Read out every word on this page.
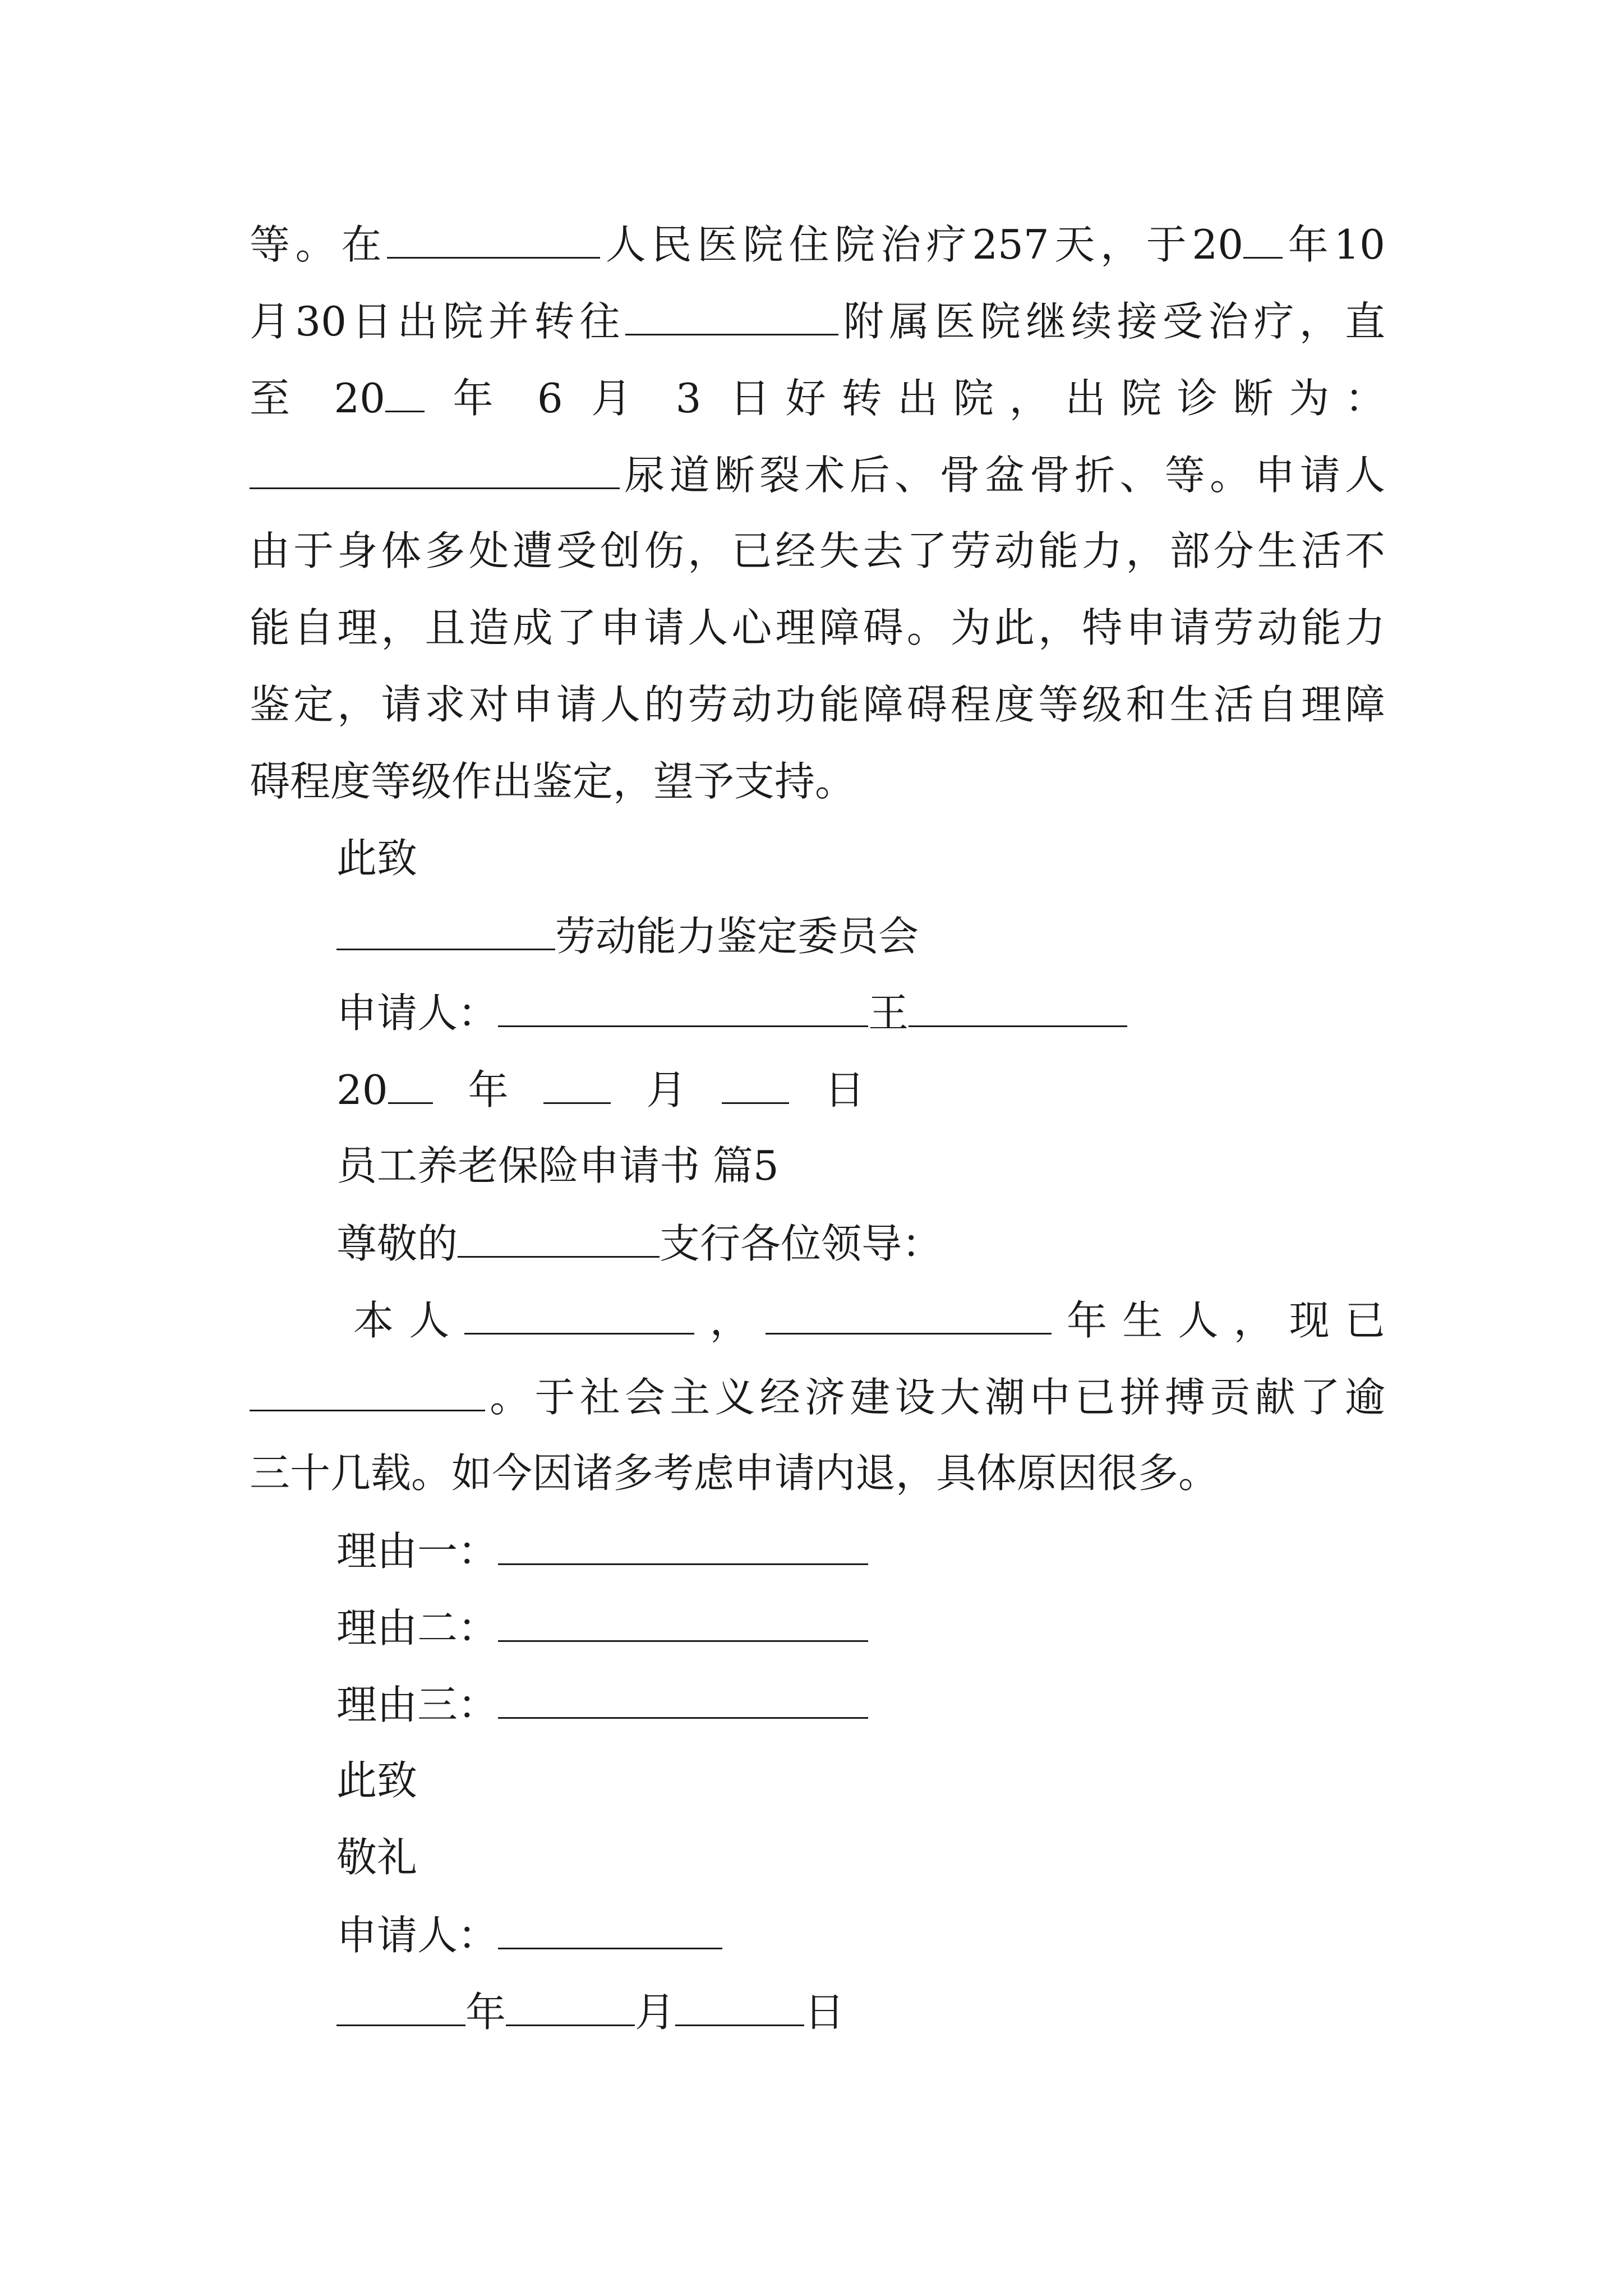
等。在	人民医院住院治疗257天，于20 年10
月30日出院并转往	附属医院继续接受治疗，直
至 20 年 6 月 3 日好转出院，出院诊断为：
尿道断裂术后、骨盆骨折、等。申请人
由于身体多处遭受创伤，已经失去了劳动能力，部分生活不
能自理，且造成了申请人心理障碍。为此，特申请劳动能力
鉴定，请求对申请人的劳动功能障碍程度等级和生活自理障
碍程度等级作出鉴定，望予支持。
此致
劳动能力鉴定委员会
申请人：	王
20 年	月	日
员工养老保险申请书 篇5
尊敬的	支行各位领导：
本人	，	年生人，现已
。于社会主义经济建设大潮中已拼搏贡献了逾
三十几载。如今因诸多考虑申请内退，具体原因很多。
理由一：
理由二：
理由三：
此致
敬礼
申请人：
年	月	日
